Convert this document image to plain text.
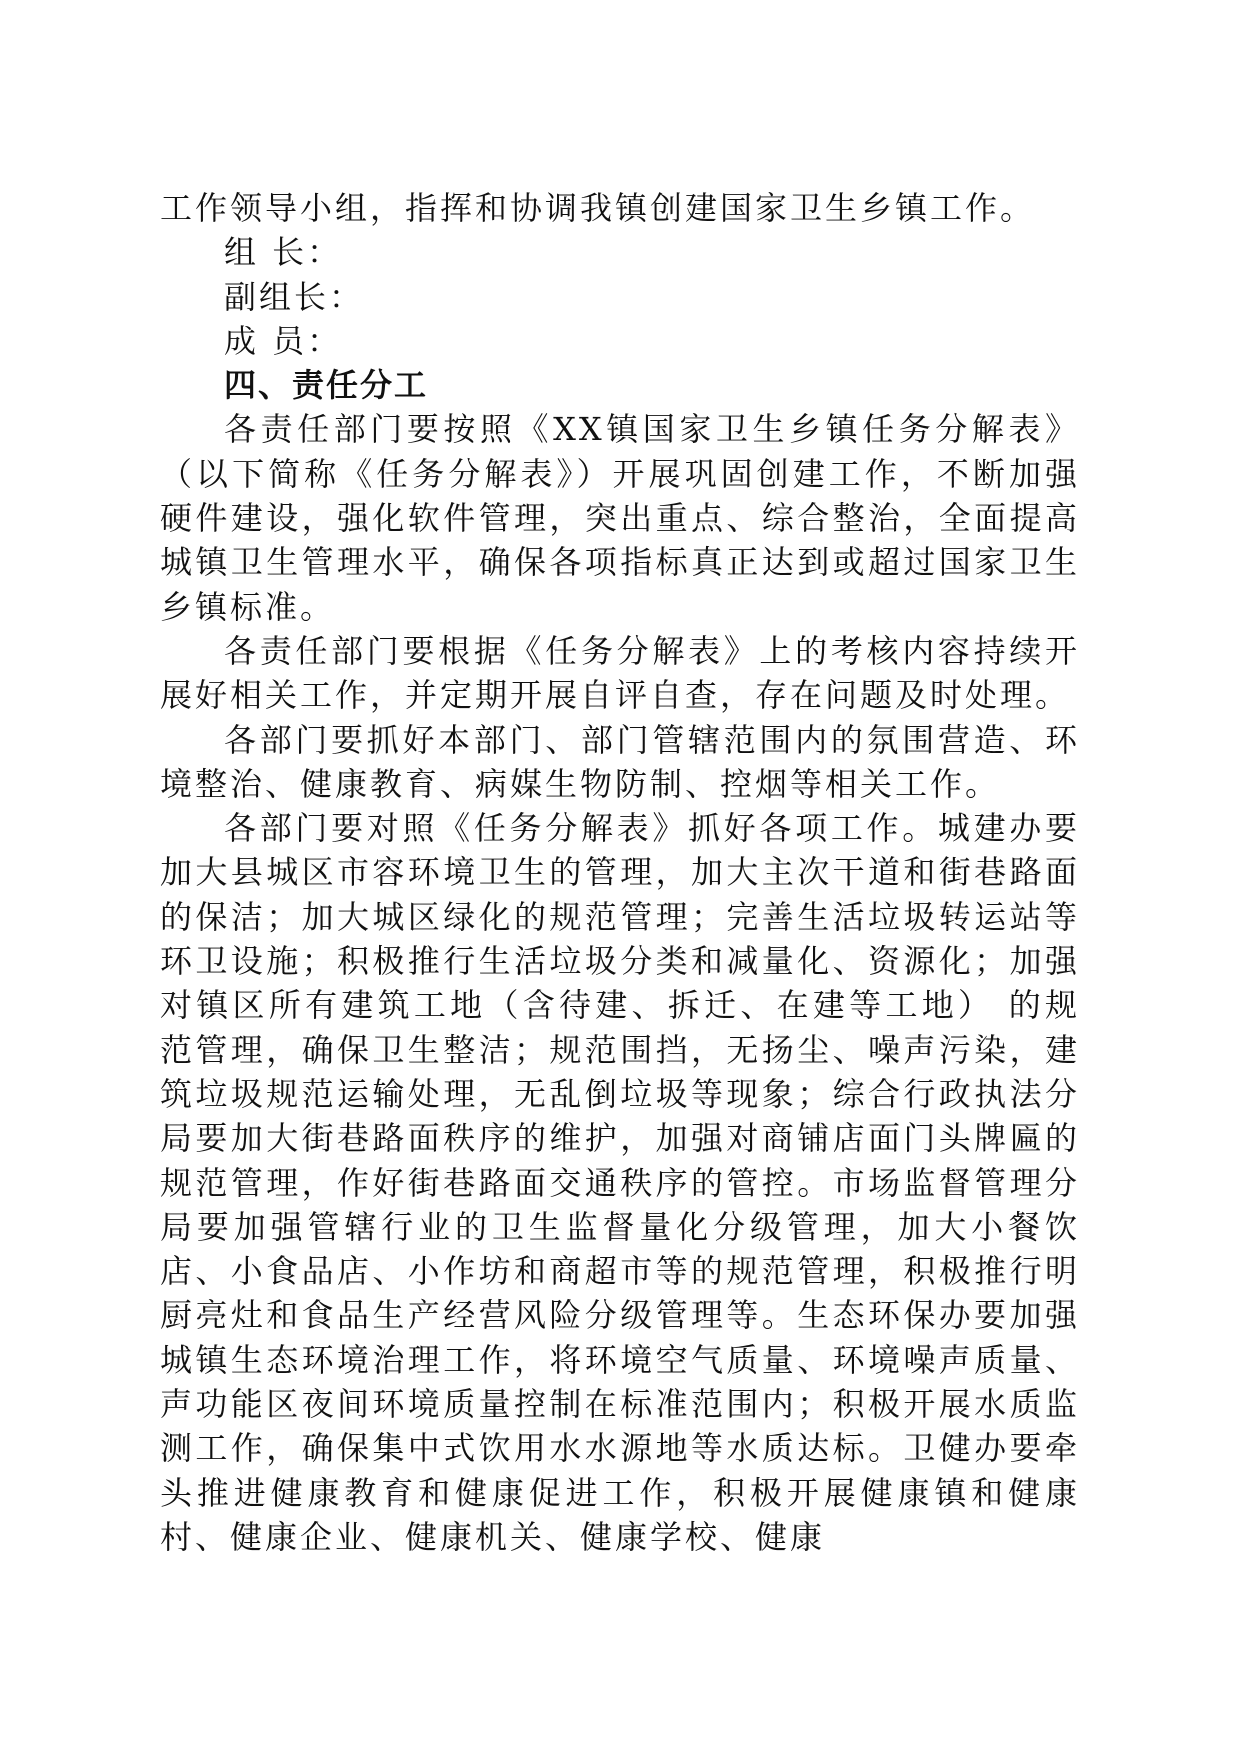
工作领导小组，指挥和协调我镇创建国家卫生乡镇工作。

组 长：

副组长：

成 员：

四、责任分工

各责任部门要按照《XX镇国家卫生乡镇任务分解表》（以下简称《任务分解表》）开展巩固创建工作，不断加强硬件建设，强化软件管理，突出重点、综合整治，全面提高城镇卫生管理水平，确保各项指标真正达到或超过国家卫生乡镇标准。

各责任部门要根据《任务分解表》上的考核内容持续开展好相关工作，并定期开展自评自查，存在问题及时处理。

各部门要抓好本部门、部门管辖范围内的氛围营造、环境整治、健康教育、病媒生物防制、控烟等相关工作。

各部门要对照《任务分解表》抓好各项工作。城建办要加大县城区市容环境卫生的管理，加大主次干道和街巷路面的保洁；加大城区绿化的规范管理；完善生活垃圾转运站等环卫设施；积极推行生活垃圾分类和减量化、资源化；加强对镇区所有建筑工地（含待建、拆迁、在建等工地） 的规范管理，确保卫生整洁；规范围挡，无扬尘、噪声污染，建筑垃圾规范运输处理，无乱倒垃圾等现象；综合行政执法分局要加大街巷路面秩序的维护，加强对商铺店面门头牌匾的规范管理，作好街巷路面交通秩序的管控。市场监督管理分局要加强管辖行业的卫生监督量化分级管理，加大小餐饮店、小食品店、小作坊和商超市等的规范管理，积极推行明厨亮灶和食品生产经营风险分级管理等。生态环保办要加强城镇生态环境治理工作，将环境空气质量、环境噪声质量、声功能区夜间环境质量控制在标准范围内；积极开展水质监测工作，确保集中式饮用水水源地等水质达标。卫健办要牵头推进健康教育和健康促进工作，积极开展健康镇和健康村、健康企业、健康机关、健康学校、健康
